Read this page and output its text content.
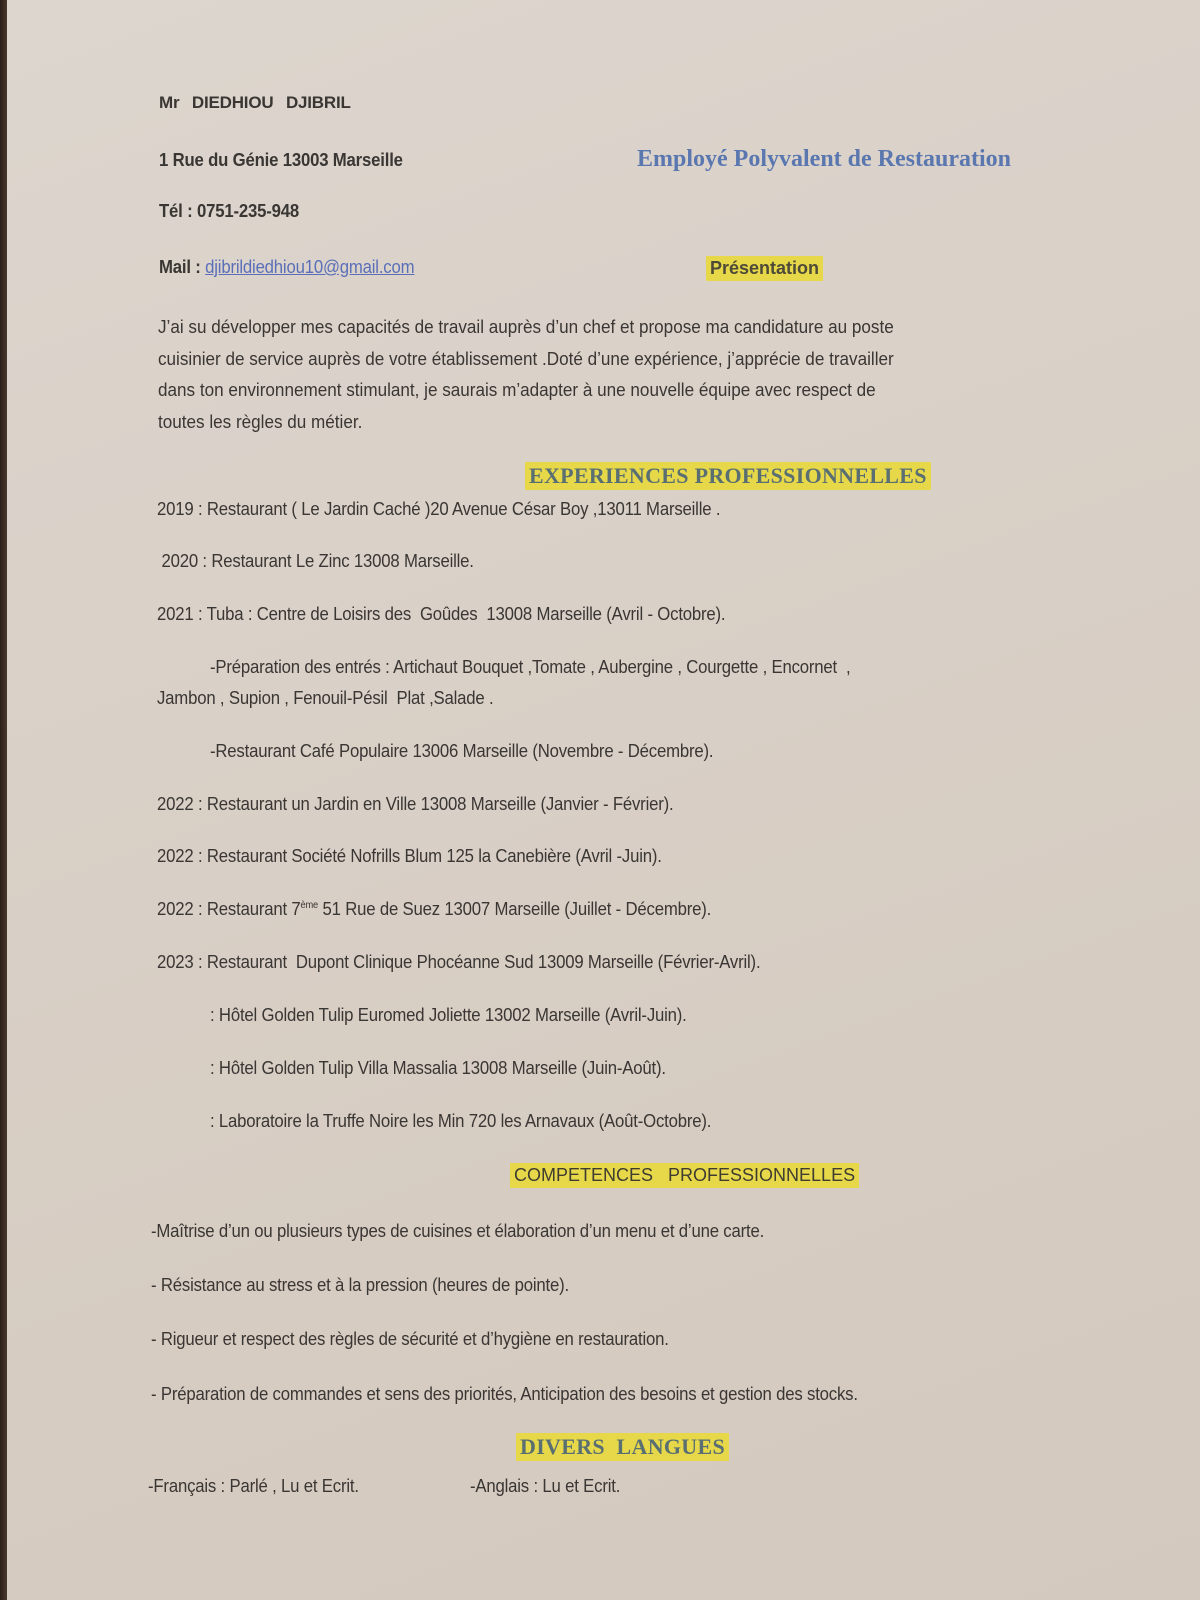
Mr DIEDHIOU DJIBRIL
1 Rue du Génie 13003 Marseille
Tél : 0751-235-948
Mail : djibrildiedhiou10@gmail.com
Employé Polyvalent de Restauration
Présentation
J’ai su développer mes capacités de travail auprès d’un chef et propose ma candidature au poste
cuisinier de service auprès de votre établissement .Doté d’une expérience, j’apprécie de travailler
dans ton environnement stimulant, je saurais m’adapter à une nouvelle équipe avec respect de
toutes les règles du métier.
EXPERIENCES PROFESSIONNELLES
2019 : Restaurant ( Le Jardin Caché )20 Avenue César Boy ,13011 Marseille .
2020 : Restaurant Le Zinc 13008 Marseille.
2021 : Tuba : Centre de Loisirs des  Goûdes  13008 Marseille (Avril - Octobre).
-Préparation des entrés : Artichaut Bouquet ,Tomate , Aubergine , Courgette , Encornet  ,
Jambon , Supion , Fenouil-Pésil  Plat ,Salade .
-Restaurant Café Populaire 13006 Marseille (Novembre - Décembre).
2022 : Restaurant un Jardin en Ville 13008 Marseille (Janvier - Février).
2022 : Restaurant Société Nofrills Blum 125 la Canebière (Avril -Juin).
2022 : Restaurant 7ème 51 Rue de Suez 13007 Marseille (Juillet - Décembre).
2023 : Restaurant  Dupont Clinique Phocéanne Sud 13009 Marseille (Février-Avril).
: Hôtel Golden Tulip Euromed Joliette 13002 Marseille (Avril-Juin).
: Hôtel Golden Tulip Villa Massalia 13008 Marseille (Juin-Août).
: Laboratoire la Truffe Noire les Min 720 les Arnavaux (Août-Octobre).
COMPETENCES   PROFESSIONNELLES
-Maîtrise d’un ou plusieurs types de cuisines et élaboration d’un menu et d’une carte.
- Résistance au stress et à la pression (heures de pointe).
- Rigueur et respect des règles de sécurité et d’hygiène en restauration.
- Préparation de commandes et sens des priorités, Anticipation des besoins et gestion des stocks.
DIVERS  LANGUES
-Français : Parlé , Lu et Ecrit.	-Anglais : Lu et Ecrit.
